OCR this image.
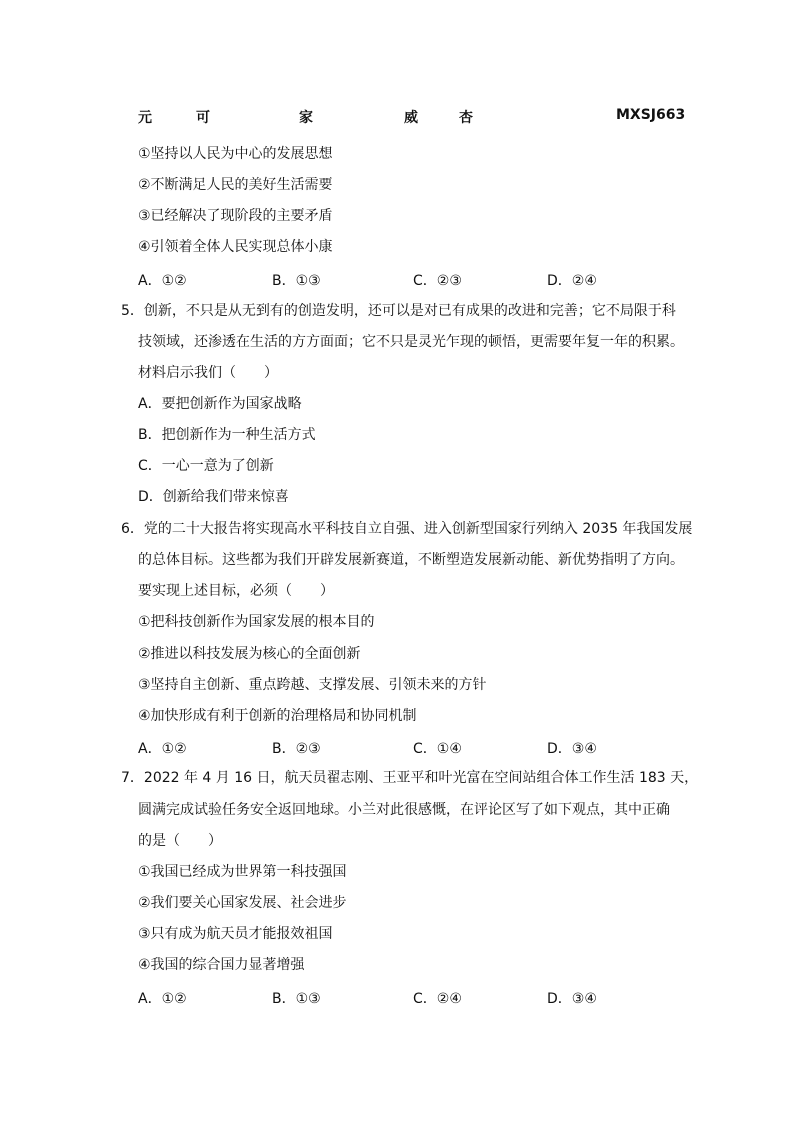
元	可	家	威	杏	MXSJ663
①坚持以人民为中心的发展思想
②不断满足人民的美好生活需要
③已经解决了现阶段的主要矛盾
④引领着全体人民实现总体小康
A．①②	B．①③	C．②③	D．②④
5．创新，不只是从无到有的创造发明，还可以是对已有成果的改进和完善；它不局限于科
技领域，还渗透在生活的方方面面；它不只是灵光乍现的顿悟，更需要年复一年的积累。
材料启示我们（　　）
A．要把创新作为国家战略
B．把创新作为一种生活方式
C．一心一意为了创新
D．创新给我们带来惊喜
6．党的二十大报告将实现高水平科技自立自强、进入创新型国家行列纳入 2035 年我国发展
的总体目标。这些都为我们开辟发展新赛道，不断塑造发展新动能、新优势指明了方向。
要实现上述目标，必须（　　）
①把科技创新作为国家发展的根本目的
②推进以科技发展为核心的全面创新
③坚持自主创新、重点跨越、支撑发展、引领未来的方针
④加快形成有利于创新的治理格局和协同机制
A．①②	B．②③	C．①④	D．③④
7．2022 年 4 月 16 日，航天员翟志刚、王亚平和叶光富在空间站组合体工作生活 183 天，
圆满完成试验任务安全返回地球。小兰对此很感慨，在评论区写了如下观点，其中正确
的是（　　）
①我国已经成为世界第一科技强国
②我们要关心国家发展、社会进步
③只有成为航天员才能报效祖国
④我国的综合国力显著增强
A．①②	B．①③	C．②④	D．③④
